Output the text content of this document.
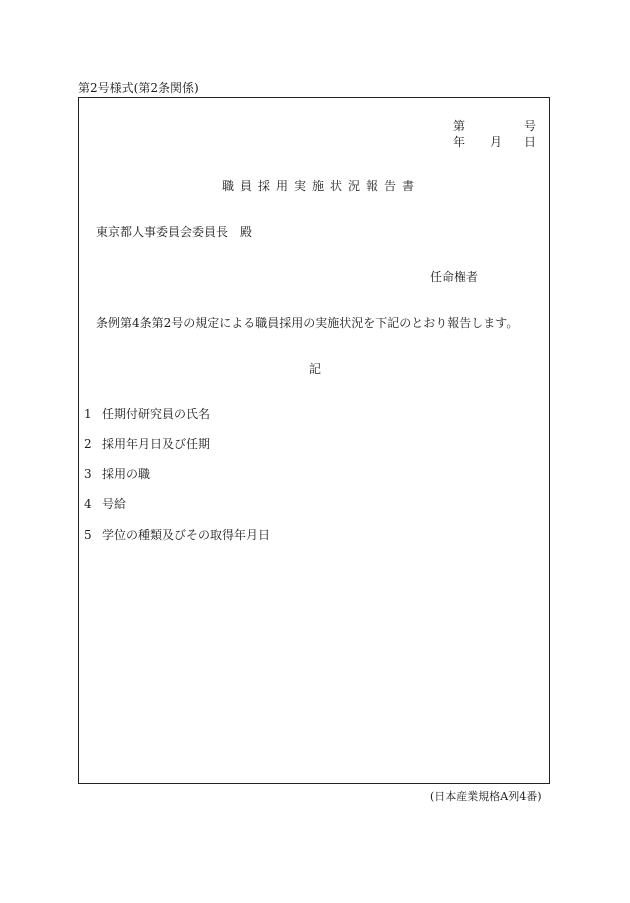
第2号様式(第2条関係)
第	号
年 月 日
職員採用実施状況報告書
東京都人事委員会委員長 殿
任命権者
条例第4条第2号の規定による職員採用の実施状況を下記のとおり報告します。
記
1 任期付研究員の氏名
2 採用年月日及び任期
3 採用の職
4 号給
5 学位の種類及びその取得年月日
(日本産業規格A列4番)
